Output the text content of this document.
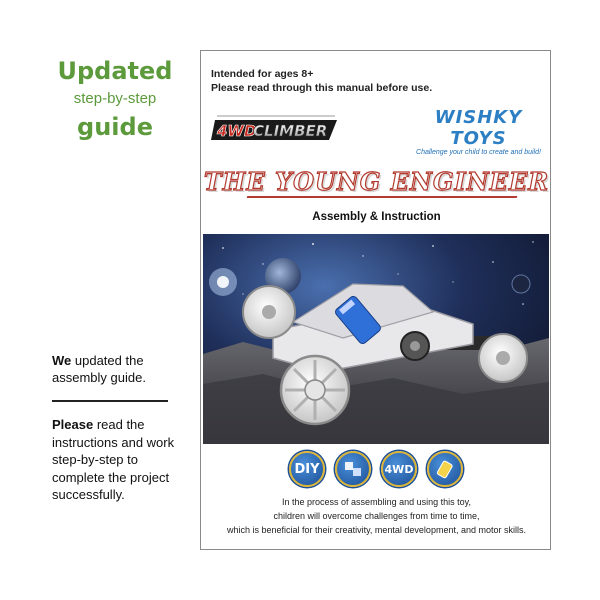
Updated
step-by-step
guide

We updated the assembly guide.

Please read the instructions and work step-by-step to complete the project successfully.

Intended for ages 8+
Please read through this manual before use.
4WD
CLIMBER
WISHKY TOYS
Challenge your child to create and build!
THE YOUNG ENGINEER
Assembly & Instruction
DIY	4WD
In the process of assembling and using this toy,
children will overcome challenges from time to time,
which is beneficial for their creativity, mental development, and motor skills.
